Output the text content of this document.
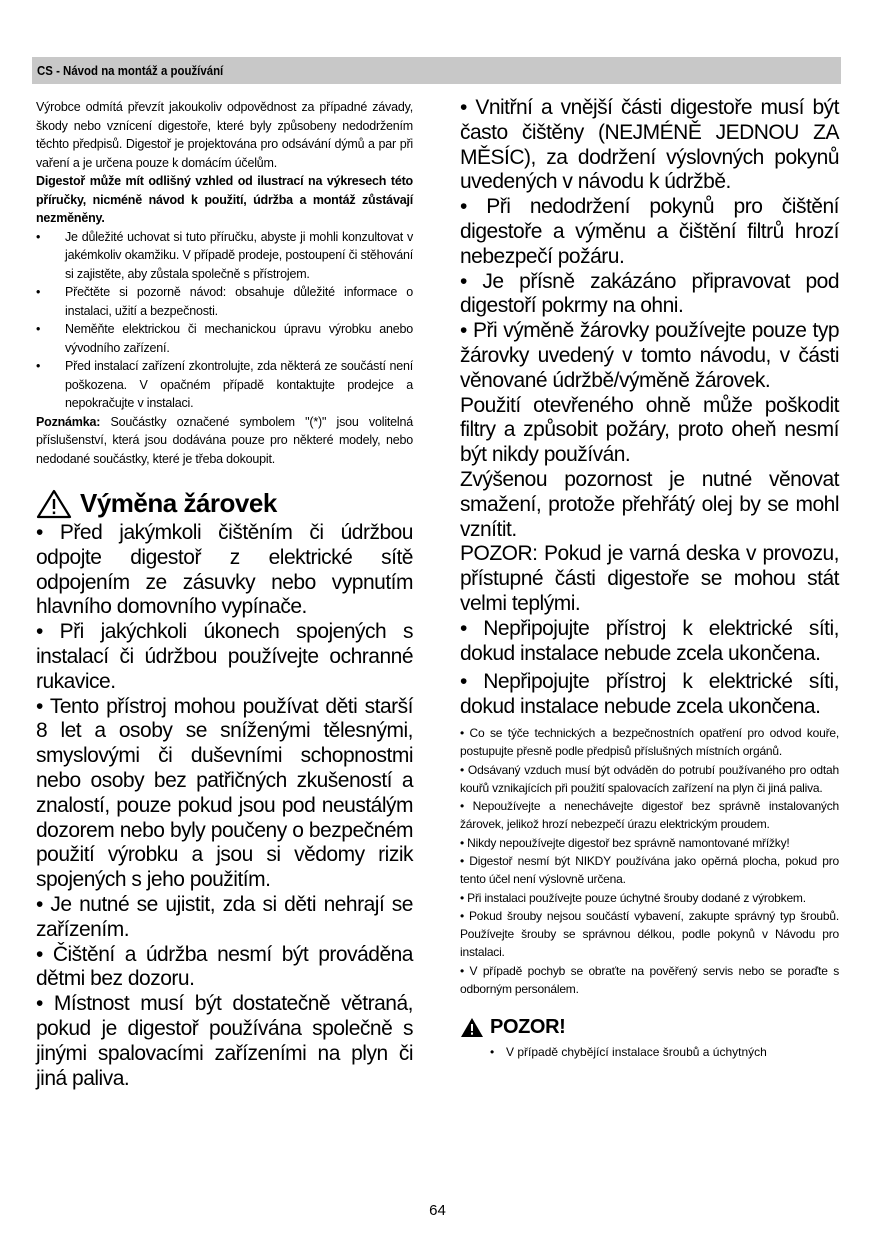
CS - Návod na montáž a používání

Výrobce odmítá převzít jakoukoliv odpovědnost za případné závady, škody nebo vznícení digestoře, které byly způsobeny nedodržením těchto předpisů. Digestoř je projektována pro odsávání dýmů a par při vaření a je určena pouze k domácím účelům.

Digestoř může mít odlišný vzhled od ilustrací na výkresech této příručky, nicméně návod k použití, údržba a montáž zůstávají nezměněny.

• Je důležité uchovat si tuto příručku, abyste ji mohli konzultovat v jakémkoliv okamžiku. V případě prodeje, postoupení či stěhování si zajistěte, aby zůstala společně s přístrojem.
• Přečtěte si pozorně návod: obsahuje důležité informace o instalaci, užití a bezpečnosti.
• Neměňte elektrickou či mechanickou úpravu výrobku anebo vývodního zařízení.
• Před instalací zařízení zkontrolujte, zda některá ze součástí není poškozena. V opačném případě kontaktujte prodejce a nepokračujte v instalaci.

Poznámka: Součástky označené symbolem "(*)" jsou volitelná příslušenství, která jsou dodávána pouze pro některé modely, nebo nedodané součástky, které je třeba dokoupit.

Výměna žárovek

• Před jakýmkoli čištěním či údržbou odpojte digestoř z elektrické sítě odpojením ze zásuvky nebo vypnutím hlavního domovního vypínače.

• Při jakýchkoli úkonech spojených s instalací či údržbou používejte ochranné rukavice.

• Tento přístroj mohou používat děti starší 8 let a osoby se sníženými tělesnými, smyslovými či duševními schopnostmi nebo osoby bez patřičných zkušeností a znalostí, pouze pokud jsou pod neustálým dozorem nebo byly poučeny o bezpečném použití výrobku a jsou si vědomy rizik spojených s jeho použitím.

• Je nutné se ujistit, zda si děti nehrají se zařízením.

• Čištění a údržba nesmí být prováděna dětmi bez dozoru.

• Místnost musí být dostatečně větraná, pokud je digestoř používána společně s jinými spalovacími zařízeními na plyn či jiná paliva.

• Vnitřní a vnější části digestoře musí být často čištěny (NEJMÉNĚ JEDNOU ZA MĚSÍC), za dodržení výslovných pokynů uvedených v návodu k údržbě.

• Při nedodržení pokynů pro čištění digestoře a výměnu a čištění filtrů hrozí nebezpečí požáru.

• Je přísně zakázáno připravovat pod digestoří pokrmy na ohni.

• Při výměně žárovky používejte pouze typ žárovky uvedený v tomto návodu, v části věnované údržbě/výměně žárovek.

Použití otevřeného ohně může poškodit filtry a způsobit požáry, proto oheň nesmí být nikdy používán.

Zvýšenou pozornost je nutné věnovat smažení, protože přehřátý olej by se mohl vznítit.

POZOR: Pokud je varná deska v provozu, přístupné části digestoře se mohou stát velmi teplými.

• Nepřipojujte přístroj k elektrické síti, dokud instalace nebude zcela ukončena.

• Nepřipojujte přístroj k elektrické síti, dokud instalace nebude zcela ukončena.

• Co se týče technických a bezpečnostních opatření pro odvod kouře, postupujte přesně podle předpisů příslušných místních orgánů.

• Odsávaný vzduch musí být odváděn do potrubí používaného pro odtah kouřů vznikajících při použití spalovacích zařízení na plyn či jiná paliva.

• Nepoužívejte a nenechávejte digestoř bez správně instalovaných žárovek, jelikož hrozí nebezpečí úrazu elektrickým proudem.

• Nikdy nepoužívejte digestoř bez správně namontované mřížky!

• Digestoř nesmí být NIKDY používána jako opěrná plocha, pokud pro tento účel není výslovně určena.

• Při instalaci používejte pouze úchytné šrouby dodané z výrobkem.

• Pokud šrouby nejsou součástí vybavení, zakupte správný typ šroubů. Používejte šrouby se správnou délkou, podle pokynů v Návodu pro instalaci.

• V případě pochyb se obraťte na pověřený servis nebo se poraďte s odborným personálem.

POZOR!

• V případě chybějící instalace šroubů a úchytných

64
